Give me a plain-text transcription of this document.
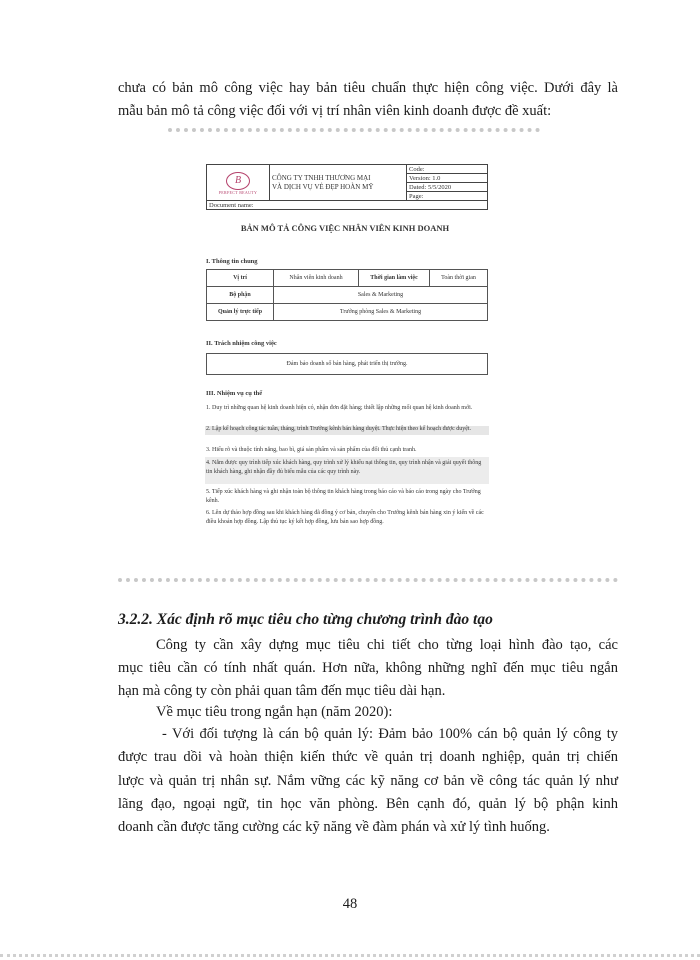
chưa có bản mô công việc hay bản tiêu chuẩn thực hiện công việc. Dưới đây là

mẫu bản mô tả công việc đối với vị trí nhân viên kinh doanh được đề xuất:

B
PERFECT BEAUTY
	CÔNG TY TNHH THƯƠNG MẠI
VÀ DỊCH VỤ VẺ ĐẸP HOÀN MỸ	Code:
Version: 1.0
Dated: 5/5/2020
Page:
Document name:
BẢN MÔ TẢ CÔNG VIỆC NHÂN VIÊN KINH DOANH
I. Thông tin chung
Vị trí	Nhân viên kinh doanh	Thời gian làm việc	Toàn thời gian
Bộ phận	Sales & Marketing		
Quản lý trực tiếp	Trưởng phòng Sales & Marketing		
II. Trách nhiệm công việc
Đảm bảo doanh số bán hàng, phát triển thị trường.
III. Nhiệm vụ cụ thể

1. Duy trì những quan hệ kinh doanh hiện có, nhận đơn đặt hàng; thiết lập những mối quan hệ kinh doanh mới.

2. Lập kế hoạch công tác tuần, tháng, trình Trưởng kênh bán hàng duyệt. Thực hiện theo kế hoạch được duyệt.

3. Hiểu rõ và thuộc tính năng, bao bì, giá sản phẩm và sản phẩm của đối thủ cạnh tranh.

4. Nắm được quy trình tiếp xúc khách hàng, quy trình xử lý khiếu nại thông tin, quy trình nhận và giải quyết thông tin khách hàng, ghi nhận đầy đủ biểu mẫu của các quy trình này.

5. Tiếp xúc khách hàng và ghi nhận toàn bộ thông tin khách hàng trong báo cáo và báo cáo trong ngày cho Trưởng kênh.

6. Lên dự thảo hợp đồng sau khi khách hàng đã đồng ý cơ bản, chuyển cho Trưởng kênh bán hàng xin ý kiến về các điều khoản hợp đồng. Lập thủ tục ký kết hợp đồng, lưu bản sao hợp đồng.

3.2.2. Xác định rõ mục tiêu cho từng chương trình đào tạo

Công ty cần xây dựng mục tiêu chi tiết cho từng loại hình đào tạo, các

mục tiêu cần có tính nhất quán. Hơn nữa, không những nghĩ đến mục tiêu ngắn

hạn mà công ty còn phải quan tâm đến mục tiêu dài hạn.

Về mục tiêu trong ngắn hạn (năm 2020):

- Với đối tượng là cán bộ quản lý: Đảm bảo 100% cán bộ quản lý công ty

được trau dồi và hoàn thiện kiến thức về quản trị doanh nghiệp, quản trị chiến

lược và quản trị nhân sự. Nắm vững các kỹ năng cơ bản về công tác quản lý như

lãng đạo, ngoại ngữ, tin học văn phòng. Bên cạnh đó, quản lý bộ phận kinh

doanh cần được tăng cường các kỹ năng về đàm phán và xử lý tình huống.

48
